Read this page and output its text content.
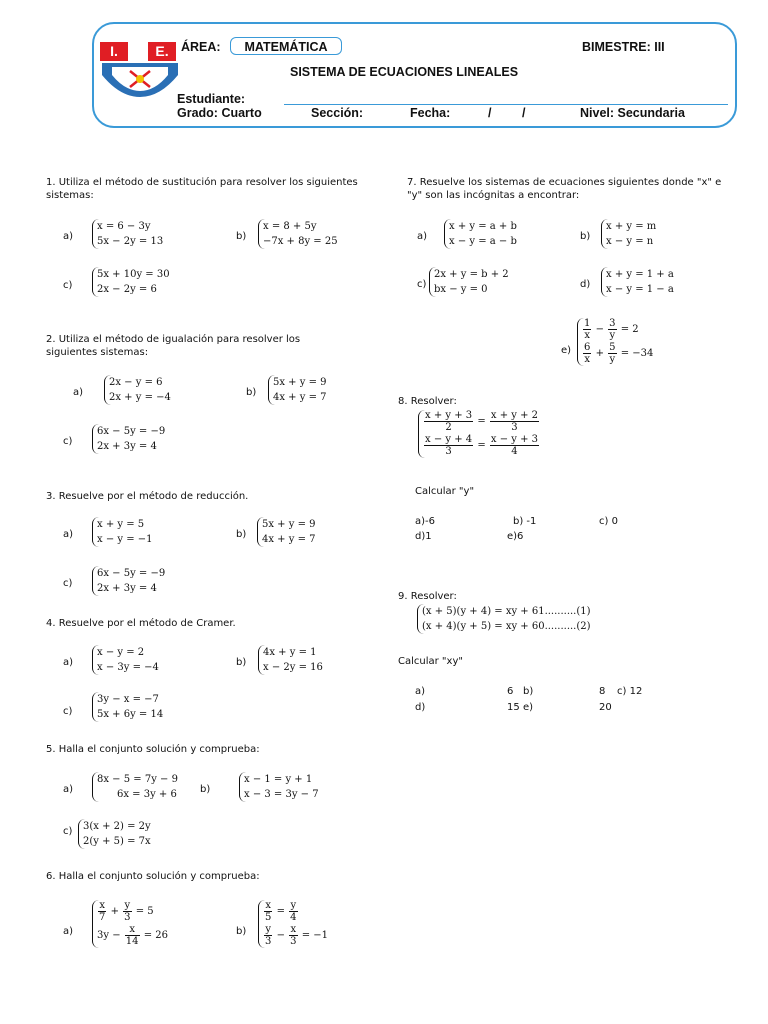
I.	E. ÁREA:	MATEMÁTICA	BIMESTRE: III
SISTEMA DE ECUACIONES LINEALES
Estudiante:
Grado: Cuarto	Sección:	Fecha:	/ /	Nivel: Secundaria
1. Utiliza el método de sustitución para resolver los siguientes sistemas:
a)
x = 6 − 3y
5x − 2y = 13	b)
x = 8 + 5y
−7x + 8y = 25
c)
5x + 10y = 30
2x − 2y = 6
2. Utiliza el método de igualación para resolver los siguientes sistemas:
a)
2x − y = 6
2x + y = −4	b)
5x + y = 9
4x + y = 7
c)
6x − 5y = −9
2x + 3y = 4
3. Resuelve por el método de reducción.
a)
x + y = 5
x − y = −1	b)
5x + y = 9
4x + y = 7
c)
6x − 5y = −9
2x + 3y = 4
4. Resuelve por el método de Cramer.
a)
x − y = 2
x − 3y = −4	b)
4x + y = 1
x − 2y = 16
c)
3y − x = −7
5x + 6y = 14
5. Halla el conjunto solución y comprueba:
a)
8x − 5 = 7y − 9
6x = 3y + 6 b)
x − 1 = y + 1
x − 3 = 3y − 7
c) 3(x + 2) = 2y
2(y + 5) = 7x
6. Halla el conjunto solución y comprueba:
a)
$\frac{x}{7} + \frac{y}{3} = 5$
$3y - \frac{x}{14} = 26$	b)
$\frac{x}{5} = \frac{y}{4}$
$\frac{y}{3} - \frac{x}{3} = -1$
7. Resuelve los sistemas de ecuaciones siguientes donde "x" e "y" son las incógnitas a encontrar:
a)
x + y = a + b
x − y = a − b	b)
x + y = m
x − y = n
c)
2x + y = b + 2
bx − y = 0	d)
x + y = 1 + a
x − y = 1 − a
e)
$\frac{1}{x} - \frac{3}{y} = 2$
$\frac{6}{x} + \frac{5}{y} = -34$
8. Resolver:
$\frac{x + y + 3}{2} = \frac{x + y + 2}{3}$
$\frac{x - y + 4}{3} = \frac{x - y + 3}{4}$
Calcular "y"
a)-6	b) -1	c) 0
d)1	e)6
9. Resolver:
(x + 5)(y + 4) = xy + 61..........(1)
(x + 4)(y + 5) = xy + 60..........(2)
Calcular "xy"
a)	6 b)	8 c) 12
d)	15 e)	20
